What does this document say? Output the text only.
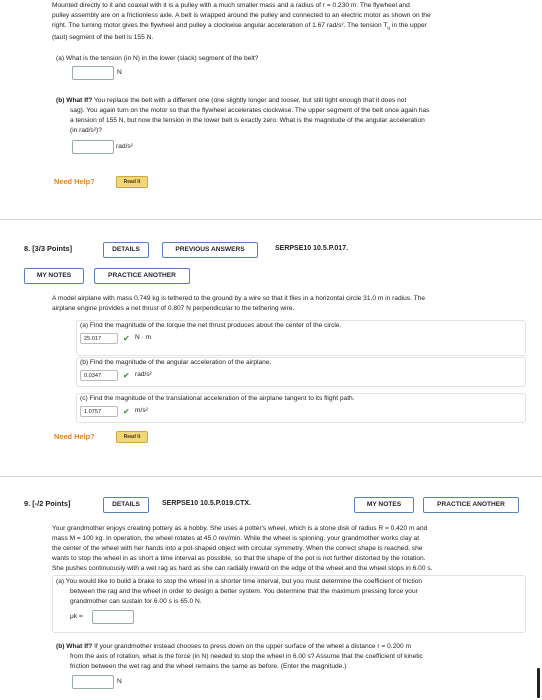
Mounted directly to it and coaxial with it is a pulley with a much smaller mass and a radius of r = 0.230 m. The flywheel and
pulley assembly are on a frictionless axle. A belt is wrapped around the pulley and connected to an electric motor as shown on the
right. The turning motor gives the flywheel and pulley a clockwise angular acceleration of 1.67 rad/s². The tension $T_u$ in the upper
(taut) segment of the belt is 155 N.
(a) What is the tension (in N) in the lower (slack) segment of the belt?
N
(b) What If? You replace the belt with a different one (one slightly longer and looser, but still tight enough that it does not
sag). You again turn on the motor so that the flywheel accelerates clockwise. The upper segment of the belt once again has
a tension of 155 N, but now the tension in the lower belt is exactly zero. What is the magnitude of the angular acceleration
(in rad/s²)?
rad/s²
Need Help?	Read It
8. [3/3 Points]	DETAILS	PREVIOUS ANSWERS	SERPSE10 10.5.P.017.
MY NOTES	PRACTICE ANOTHER
A model airplane with mass 0.749 kg is tethered to the ground by a wire so that it flies in a horizontal circle 31.0 m in radius. The
airplane engine provides a net thrust of 0.807 N perpendicular to the tethering wire.
(a) Find the magnitude of the torque the net thrust produces about the center of the circle.
25.017	✔ N · m
(b) Find the magnitude of the angular acceleration of the airplane.
0.0347	✔ rad/s²
(c) Find the magnitude of the translational acceleration of the airplane tangent to its flight path.
1.0757	✔ m/s²
Need Help?	Read It
9. [-/2 Points]	DETAILS	SERPSE10 10.5.P.019.CTX.	MY NOTES	PRACTICE ANOTHER
Your grandmother enjoys creating pottery as a hobby. She uses a potter's wheel, which is a stone disk of radius R = 0.420 m and
mass M = 100 kg. In operation, the wheel rotates at 45.0 rev/min. While the wheel is spinning, your grandmother works clay at
the center of the wheel with her hands into a pot-shaped object with circular symmetry. When the correct shape is reached, she
wants to stop the wheel in as short a time interval as possible, so that the shape of the pot is not further distorted by the rotation.
She pushes continuously with a wet rag as hard as she can radially inward on the edge of the wheel and the wheel stops in 6.00 s.
(a) You would like to build a brake to stop the wheel in a shorter time interval, but you must determine the coefficient of friction
between the rag and the wheel in order to design a better system. You determine that the maximum pressing force your
grandmother can sustain for 6.00 s is 65.0 N.
μk =
(b) What If? If your grandmother instead chooses to press down on the upper surface of the wheel a distance r = 0.200 m
from the axis of rotation, what is the force (in N) needed to stop the wheel in 6.00 s? Assume that the coefficient of kinetic
friction between the wet rag and the wheel remains the same as before. (Enter the magnitude.)
N
